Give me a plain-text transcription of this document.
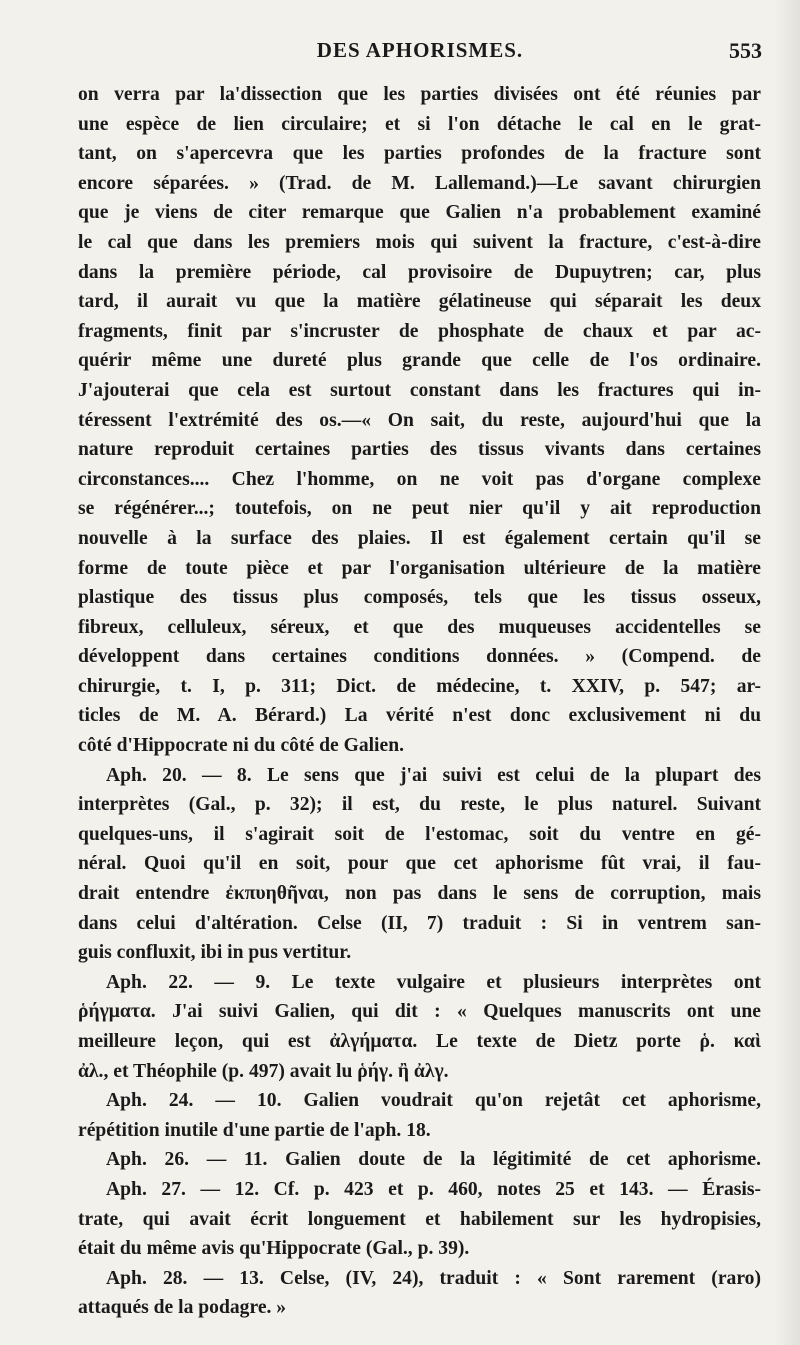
DES APHORISMES.	553
on verra par la'dissection que les parties divisées ont été réunies par
une espèce de lien circulaire; et si l'on détache le cal en le grat-
tant, on s'apercevra que les parties profondes de la fracture sont
encore séparées. » (Trad. de M. Lallemand.)—Le savant chirurgien
que je viens de citer remarque que Galien n'a probablement examiné
le cal que dans les premiers mois qui suivent la fracture, c'est-à-dire
dans la première période, cal provisoire de Dupuytren; car, plus
tard, il aurait vu que la matière gélatineuse qui séparait les deux
fragments, finit par s'incruster de phosphate de chaux et par ac-
quérir même une dureté plus grande que celle de l'os ordinaire.
J'ajouterai que cela est surtout constant dans les fractures qui in-
téressent l'extrémité des os.—« On sait, du reste, aujourd'hui que la
nature reproduit certaines parties des tissus vivants dans certaines
circonstances.... Chez l'homme, on ne voit pas d'organe complexe
se régénérer...; toutefois, on ne peut nier qu'il y ait reproduction
nouvelle à la surface des plaies. Il est également certain qu'il se
forme de toute pièce et par l'organisation ultérieure de la matière
plastique des tissus plus composés, tels que les tissus osseux,
fibreux, celluleux, séreux, et que des muqueuses accidentelles se
développent dans certaines conditions données. » (Compend. de
chirurgie, t. I, p. 311; Dict. de médecine, t. XXIV, p. 547; ar-
ticles de M. A. Bérard.) La vérité n'est donc exclusivement ni du
côté d'Hippocrate ni du côté de Galien.
Aph. 20. — 8. Le sens que j'ai suivi est celui de la plupart des
interprètes (Gal., p. 32); il est, du reste, le plus naturel. Suivant
quelques-uns, il s'agirait soit de l'estomac, soit du ventre en gé-
néral. Quoi qu'il en soit, pour que cet aphorisme fût vrai, il fau-
drait entendre ἐκπυηθῆναι, non pas dans le sens de corruption, mais
dans celui d'altération. Celse (II, 7) traduit : Si in ventrem san-
guis confluxit, ibi in pus vertitur.
Aph. 22. — 9. Le texte vulgaire et plusieurs interprètes ont
ῥήγματα. J'ai suivi Galien, qui dit : « Quelques manuscrits ont une
meilleure leçon, qui est ἀλγήματα. Le texte de Dietz porte ῥ. καὶ
ἀλ., et Théophile (p. 497) avait lu ῥήγ. ἢ ἀλγ.
Aph. 24. — 10. Galien voudrait qu'on rejetât cet aphorisme,
répétition inutile d'une partie de l'aph. 18.
Aph. 26. — 11. Galien doute de la légitimité de cet aphorisme.
Aph. 27. — 12. Cf. p. 423 et p. 460, notes 25 et 143. — Érasis-
trate, qui avait écrit longuement et habilement sur les hydropisies,
était du même avis qu'Hippocrate (Gal., p. 39).
Aph. 28. — 13. Celse, (IV, 24), traduit : « Sont rarement (raro)
attaqués de la podagre. »
